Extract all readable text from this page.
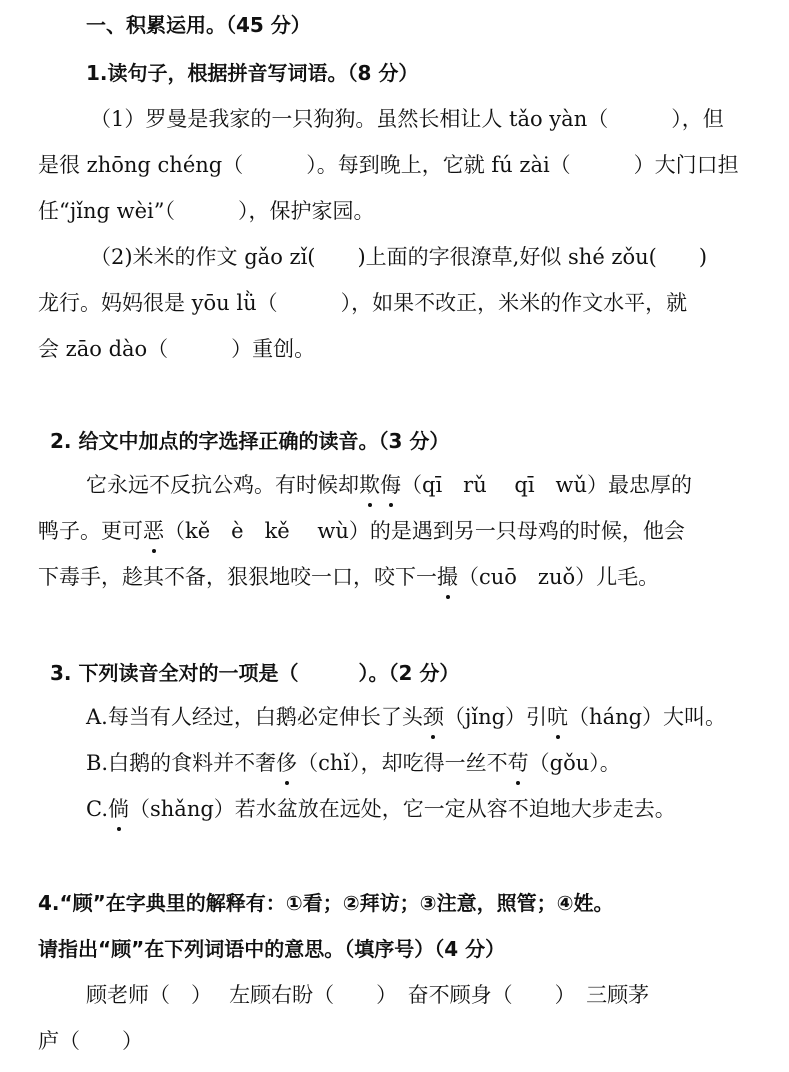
一、积累运用。（45 分）
1.读句子，根据拼音写词语。（8 分）
（1）罗曼是我家的一只狗狗。虽然长相让人 tǎo yàn（　　　），但
是很 zhōng chéng（　　　）。每到晚上，它就 fú zài（　　　）大门口担
任“jǐng wèi”（　　　），保护家园。
（2)米米的作文 gǎo zǐ(　　)上面的字很潦草,好似 shé zǒu(　　)
龙行。妈妈很是 yōu lǜ（　　　），如果不改正，米米的作文水平，就
会 zāo dào（　　　）重创。
2. 给文中加点的字选择正确的读音。（3 分）
它永远不反抗公鸡。有时候却欺侮（qī　rǔ　 qī　wǔ）最忠厚的
鸭子。更可恶（kě　è　kě　 wù）的是遇到另一只母鸡的时候，他会
下毒手，趁其不备，狠狠地咬一口，咬下一撮（cuō　zuǒ）儿毛。
3. 下列读音全对的一项是（　　　）。（2 分）
A.每当有人经过，白鹅必定伸长了头颈（jǐng）引吭（háng）大叫。
B.白鹅的食料并不奢侈（chǐ），却吃得一丝不苟（gǒu）。
C.倘（shǎng）若水盆放在远处，它一定从容不迫地大步走去。
4.“顾”在字典里的解释有：①看；②拜访；③注意，照管；④姓。
请指出“顾”在下列词语中的意思。（填序号）（4 分）
顾老师（　）　 左顾右盼（　　）　奋不顾身（　　）　三顾茅
庐（　　）
